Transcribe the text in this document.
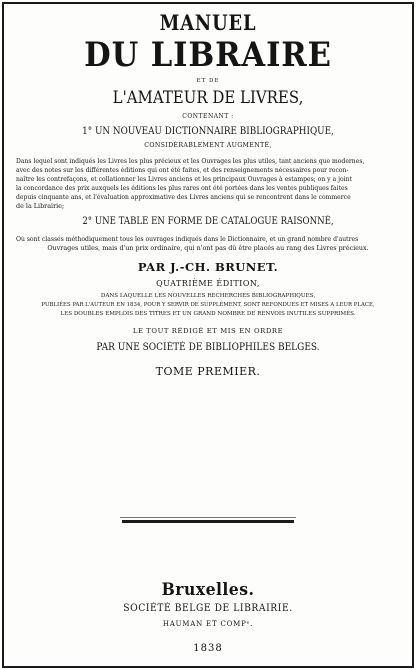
MANUEL
DU LIBRAIRE
ET DE
L'AMATEUR DE LIVRES,
CONTENANT :
1° UN NOUVEAU DICTIONNAIRE BIBLIOGRAPHIQUE,
CONSIDÉRABLEMENT AUGMENTÉ,
Dans lequel sont indiqués les Livres les plus précieux et les Ouvrages les plus utiles, tant anciens que modernes,
avec des notes sur les différentes éditions qui ont été faites, et des renseignements nécessaires pour recon-
naître les contrefaçons, et collationner les Livres anciens et les principaux Ouvrages à estampes; on y a joint
la concordance des prix auxquels les éditions les plus rares ont été portées dans les ventes publiques faites
depuis cinquante ans, et l'évaluation approximative des Livres anciens qui se rencontrent dans le commerce
de la Librairie;
2° UNE TABLE EN FORME DE CATALOGUE RAISONNÉ,
Où sont classés méthodiquement tous les ouvrages indiqués dans le Dictionnaire, et un grand nombre d'autres
Ouvrages utiles, mais d'un prix ordinaire, qui n'ont pas dû être placés au rang des Livres précieux.
PAR J.-CH. BRUNET.
QUATRIÈME ÉDITION,
DANS LAQUELLE LES NOUVELLES RECHERCHES BIBLIOGRAPHIQUES,
PUBLIÉES PAR L'AUTEUR EN 1834, POUR Y SERVIR DE SUPPLÉMENT, SONT REFONDUES ET MISES A LEUR PLACE,
LES DOUBLES EMPLOIS DES TITRES ET UN GRAND NOMBRE DE RENVOIS INUTILES SUPPRIMÉS.
LE TOUT RÉDIGÉ ET MIS EN ORDRE
PAR UNE SOCIÉTÉ DE BIBLIOPHILES BELGES.
TOME PREMIER.
Bruxelles.
SOCIÉTÉ BELGE DE LIBRAIRIE.
HAUMAN ET COMPᵉ.
1838
